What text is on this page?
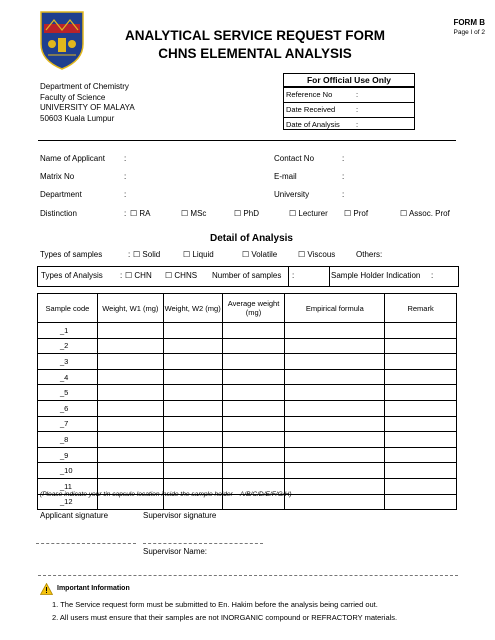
ANALYTICAL SERVICE REQUEST FORM
CHNS ELEMENTAL ANALYSIS
FORM B
Page I of 2
Department of Chemistry
Faculty of Science
UNIVERSITY OF MALAYA
50603 Kuala Lumpur
For Official Use Only
Reference No	:
Date Received	:
Date of Analysis :
Name of Applicant :	Contact No	:
Matrix No	:	E-mail	:
Department	:	University	:
Distinction	: ☐ RA	☐ MSc	☐ PhD	☐ Lecturer ☐ Prof	☐ Assoc. Prof
Detail of Analysis
Types of samples	: ☐ Solid	☐ Liquid	☐ Volatile	☐ Viscous	Others:
Types of Analysis : ☐ CHN ☐ CHNS Number of samples :	Sample Holder Indication :
Sample code	Weight, W1 (mg)	Weight, W2 (mg)	Average weight (mg)	Empirical formula	Remark
_1					
_2					
_3					
_4					
_5					
_6					
_7					
_8					
_9					
_10					
_11					
_12					
(Please indicate your tin capsule location inside the sample holder – A/B/C/D/E/F/G/H)
Applicant signature	Supervisor signature
Supervisor Name:
Important Information
1. The Service request form must be submitted to En. Hakim before the analysis being carried out.
2. All users must ensure that their samples are not INORGANIC compound or REFRACTORY materials.
